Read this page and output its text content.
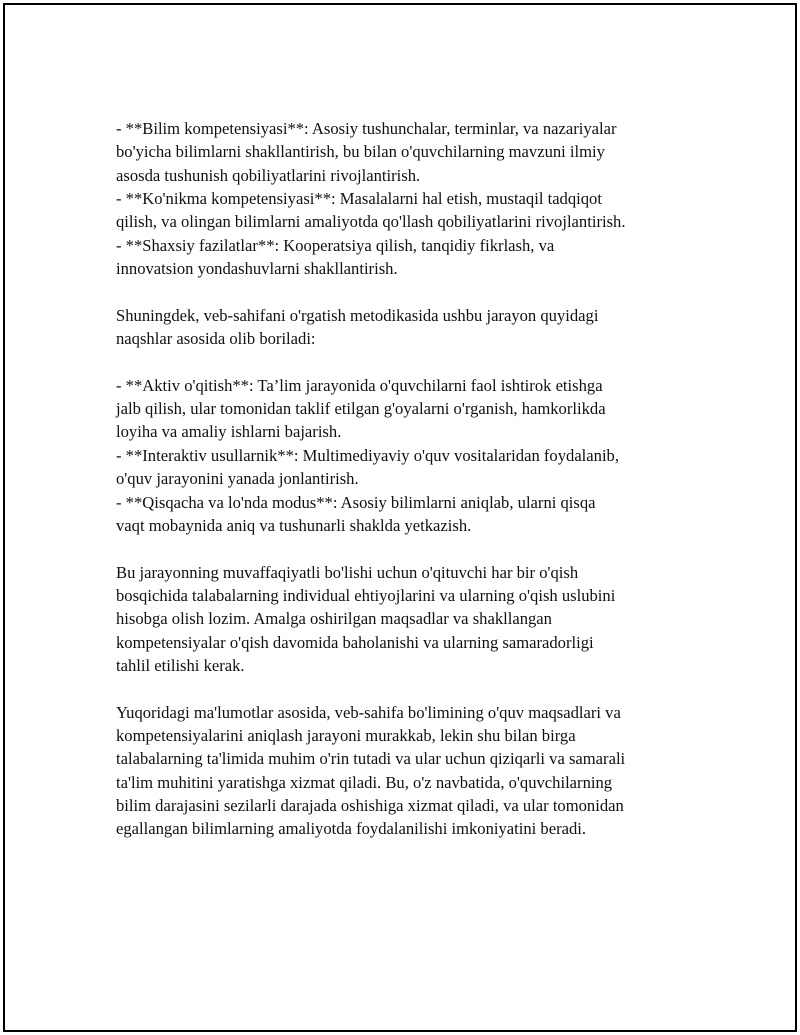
- **Bilim kompetensiyasi**: Asosiy tushunchalar, terminlar, va nazariyalar
bo'yicha bilimlarni shakllantirish, bu bilan o'quvchilarning mavzuni ilmiy
asosda tushunish qobiliyatlarini rivojlantirish.
- **Ko'nikma kompetensiyasi**: Masalalarni hal etish, mustaqil tadqiqot
qilish, va olingan bilimlarni amaliyotda qo'llash qobiliyatlarini rivojlantirish.
- **Shaxsiy fazilatlar**: Kooperatsiya qilish, tanqidiy fikrlash, va
innovatsion yondashuvlarni shakllantirish.
Shuningdek, veb-sahifani o'rgatish metodikasida ushbu jarayon quyidagi
naqshlar asosida olib boriladi:
- **Aktiv o'qitish**: Ta’lim jarayonida o'quvchilarni faol ishtirok etishga
jalb qilish, ular tomonidan taklif etilgan g'oyalarni o'rganish, hamkorlikda
loyiha va amaliy ishlarni bajarish.
- **Interaktiv usullarnik**: Multimediyaviy o'quv vositalaridan foydalanib,
o'quv jarayonini yanada jonlantirish.
- **Qisqacha va lo'nda modus**: Asosiy bilimlarni aniqlab, ularni qisqa
vaqt mobaynida aniq va tushunarli shaklda yetkazish.
Bu jarayonning muvaffaqiyatli bo'lishi uchun o'qituvchi har bir o'qish
bosqichida talabalarning individual ehtiyojlarini va ularning o'qish uslubini
hisobga olish lozim. Amalga oshirilgan maqsadlar va shakllangan
kompetensiyalar o'qish davomida baholanishi va ularning samaradorligi
tahlil etilishi kerak.
Yuqoridagi ma'lumotlar asosida, veb-sahifa bo'limining o'quv maqsadlari va
kompetensiyalarini aniqlash jarayoni murakkab, lekin shu bilan birga
talabalarning ta'limida muhim o'rin tutadi va ular uchun qiziqarli va samarali
ta'lim muhitini yaratishga xizmat qiladi. Bu, o'z navbatida, o'quvchilarning
bilim darajasini sezilarli darajada oshishiga xizmat qiladi, va ular tomonidan
egallangan bilimlarning amaliyotda foydalanilishi imkoniyatini beradi.
